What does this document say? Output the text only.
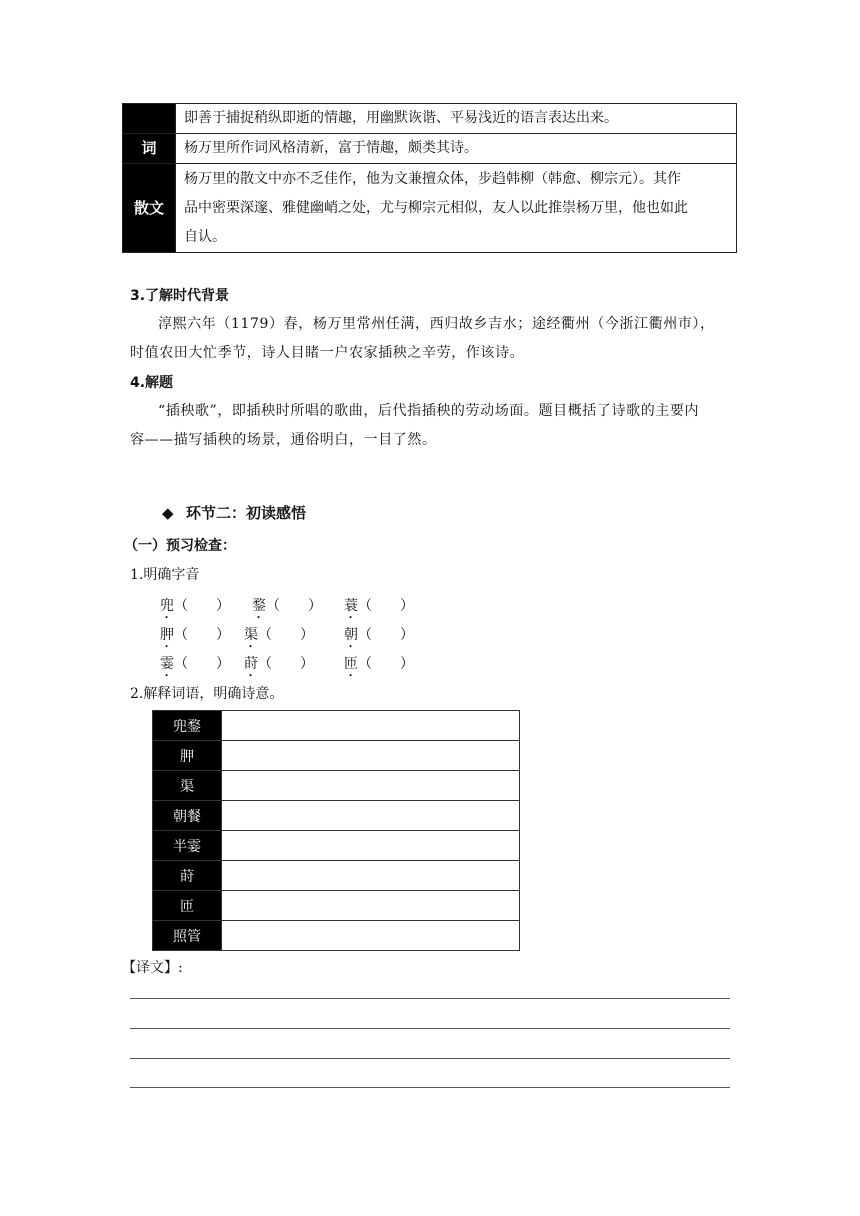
	即善于捕捉稍纵即逝的情趣，用幽默诙谐、平易浅近的语言表达出来。
词	杨万里所作词风格清新，富于情趣，颇类其诗。
散文	杨万里的散文中亦不乏佳作，他为文兼擅众体，步趋韩柳（韩愈、柳宗元）。其作
品中密栗深邃、雅健幽峭之处，尤与柳宗元相似，友人以此推崇杨万里，他也如此
自认。
3.了解时代背景
淳熙六年（1179）春，杨万里常州任满，西归故乡吉水；途经衢州（今浙江衢州市），
时值农田大忙季节，诗人目睹一户农家插秧之辛劳，作该诗。
4.解题
“插秧歌”，即插秧时所唱的歌曲，后代指插秧的劳动场面。题目概括了诗歌的主要内
容——描写插秧的场景，通俗明白，一目了然。
◆ 环节二：初读感悟
（一）预习检查：
1.明确字音
兜（　　） 鍪（　　） 蓑（　　）
胛（　　） 渠（　　） 朝（　　）
霎（　　） 莳（　　） 匝（　　）
2.解释词语，明确诗意。
兜鍪	
胛	
渠	
朝餐	
半霎	
莳	
匝	
照管	
【译文】:
